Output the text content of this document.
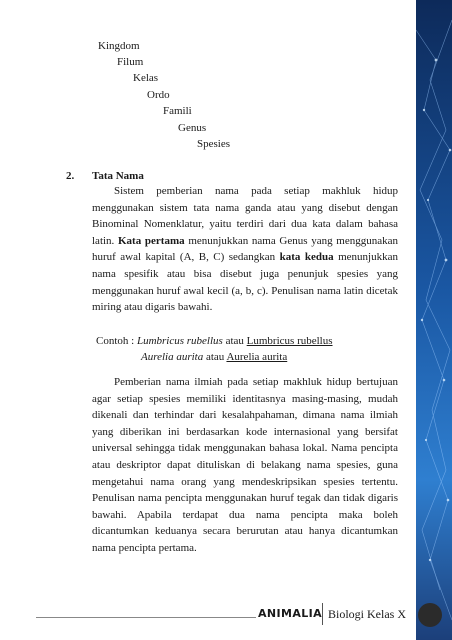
Kingdom
Filum
Kelas
Ordo
Famili
Genus
Spesies
2. Tata Nama
Sistem pemberian nama pada setiap makhluk hidup menggunakan sistem tata nama ganda atau yang disebut dengan Binominal Nomenklatur, yaitu terdiri dari dua kata dalam bahasa latin. Kata pertama menunjukkan nama Genus yang menggunakan huruf awal kapital (A, B, C) sedangkan kata kedua menunjukkan nama spesifik atau bisa disebut juga penunjuk spesies yang menggunakan huruf awal kecil (a, b, c). Penulisan nama latin dicetak miring atau digaris bawahi.
Contoh : Lumbricus rubellus atau Lumbricus rubellus
Aurelia aurita atau Aurelia aurita
Pemberian nama ilmiah pada setiap makhluk hidup bertujuan agar setiap spesies memiliki identitasnya masing-masing, mudah dikenali dan terhindar dari kesalahpahaman, dimana nama ilmiah yang diberikan ini berdasarkan kode internasional yang bersifat universal sehingga tidak menggunakan bahasa lokal. Nama pencipta atau deskriptor dapat dituliskan di belakang nama spesies, guna mengetahui nama orang yang mendeskripsikan spesies tertentu. Penulisan nama pencipta menggunakan huruf tegak dan tidak digaris bawahi. Apabila terdapat dua nama pencipta maka boleh dicantumkan keduanya secara berurutan atau hanya dicantumkan nama pencipta pertama.
ANIMALIA Biologi Kelas X
